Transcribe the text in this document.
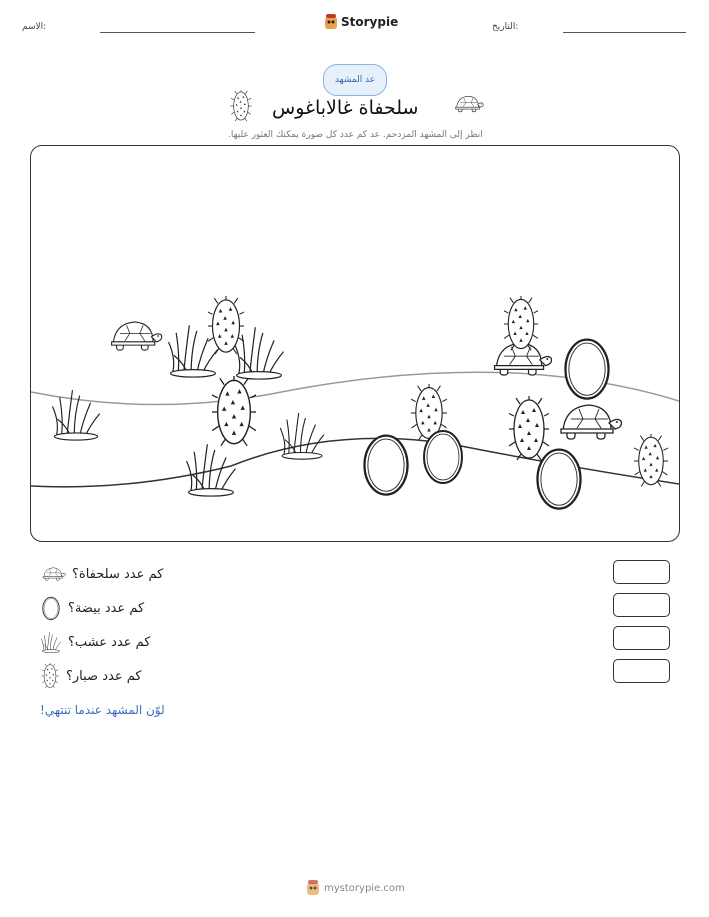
الاسم:	Storypie	التاريخ:
عد المشهد
سلحفاة غالاباغوس
انظر إلى المشهد المزدحم. عد كم عدد كل صورة يمكنك العثور عليها.
كم عدد سلحفاة؟
كم عدد بيضة؟
كم عدد عشب؟
كم عدد صبار؟
لوّن المشهد عندما تنتهي!
mystorypie.com
